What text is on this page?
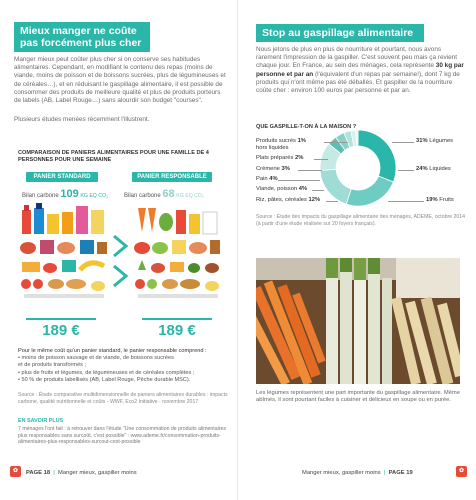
Mieux manger ne coûte pas forcément plus cher
Manger mieux peut coûter plus cher si on conserve ses habitudes alimentaires. Cependant, en modifiant le contenu des repas (moins de viande, moins de poisson et de boissons sucrées, plus de légumineuses et de céréales…), et en réduisant le gaspillage alimentaire, il est possible de consommer des produits de meilleure qualité et plus de produits porteurs de labels (AB, Label Rouge…) sans alourdir son budget "courses".
Plusieurs études menées récemment l'illustrent.
COMPARAISON DE PANIERS ALIMENTAIRES POUR UNE FAMILLE DE 4 PERSONNES POUR UNE SEMAINE
PANIER STANDARD	PANIER RESPONSABLE
Bilan carbone 109 KG EQ CO₂	Bilan carbone 68 KG EQ CO₂
189 €	189 €
Pour le même coût qu'un panier standard, le panier responsable comprend :
• moins de poisson sauvage et de viande, de boissons sucrées
et de produits transformés ;
• plus de fruits et légumes, de légumineuses et de céréales complètes ;
• 50 % de produits labellisés (AB, Label Rouge, Pêche durable MSC).
Source : Étude comparative multidimensionnelle de paniers alimentaires durables : impacts carbone, qualité nutritionnelle et coûts - WWF, Eco2 Initiative - novembre 2017
EN SAVOIR PLUS
7 ménages l'ont fait : à retrouver dans l'étude "Une consommation de produits alimentaires plus responsables sans surcoût, c'est possible" : www.ademe.fr/consommation-produits-alimentaires-plus-responsables-surcout-cest-possible
✿	PAGE 18  |  Manger mieux, gaspiller moins
Stop au gaspillage alimentaire
Nous jetons de plus en plus de nourriture et pourtant, nous avons rarement l'impression de la gaspiller. C'est souvent peu mais ça revient chaque jour. En France, au sein des ménages, cela représente 30 kg par personne et par an (l'équivalent d'un repas par semaine!), dont 7 kg de produits qui n'ont même pas été déballés. Et gaspiller de la nourriture coûte cher : environ 100 euros par personne et par an.
QUE GASPILLE-T-ON À LA MAISON ?
Produits sucrés 1%
hors liquides
Plats préparés 2%
Crèmerie 3%
Pain 4%
Viande, poisson 4%
Riz, pâtes, céréales 12%
31% Légumes
24% Liquides
19% Fruits
Source : Étude des impacts du gaspillage alimentaire des ménages, ADEME, octobre 2014 (à partir d'une étude réalisée sur 20 foyers français).
Les légumes représentent une part importante du gaspillage alimentaire. Même abîmés, il sont pourtant faciles à cuisiner et délicieux en soupe ou en purée.
Manger mieux, gaspiller moins  |  PAGE 19	✿
